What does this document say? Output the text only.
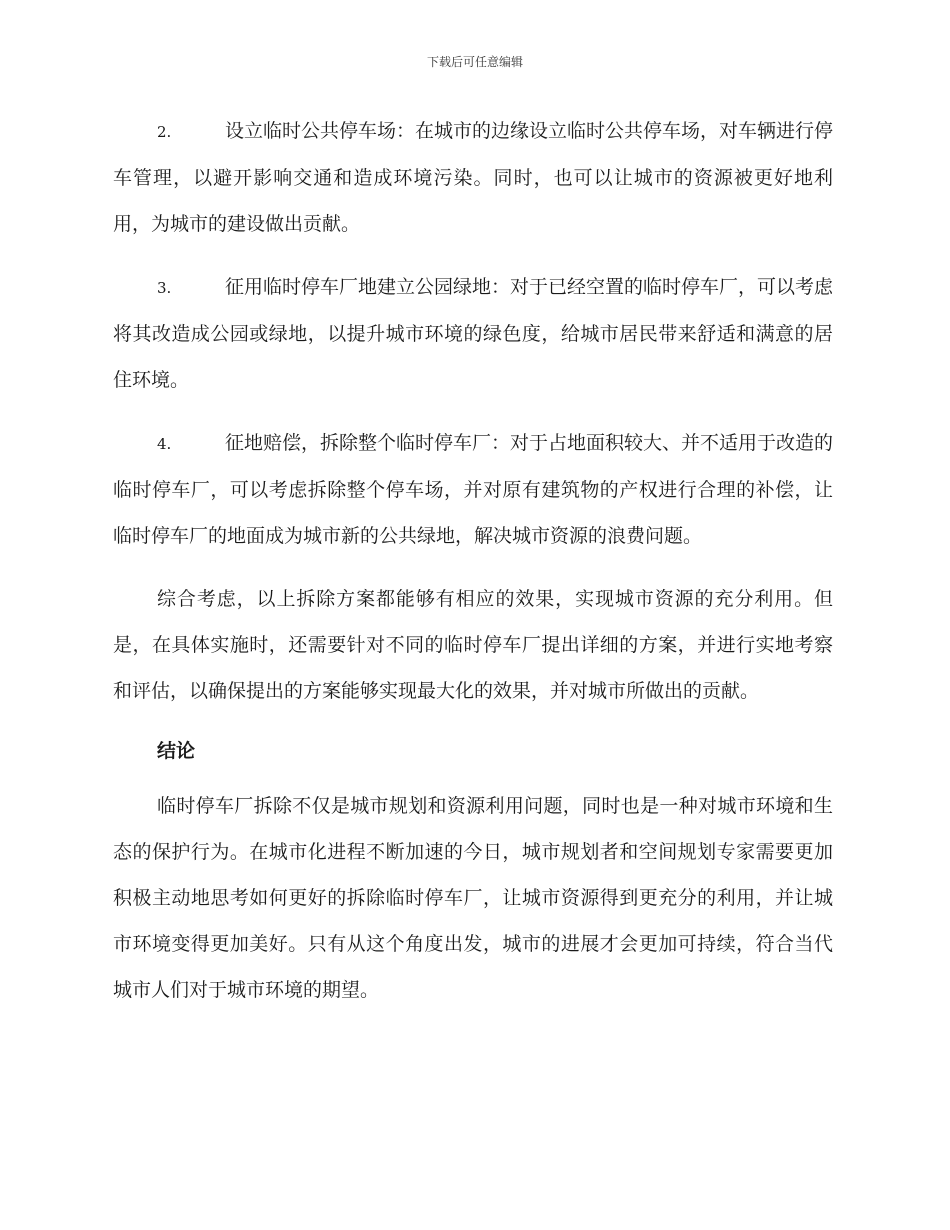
下载后可任意编辑

2.	设立临时公共停车场：在城市的边缘设立临时公共停车场，对车辆进行停车管理，以避开影响交通和造成环境污染。同时，也可以让城市的资源被更好地利用，为城市的建设做出贡献。

3.	征用临时停车厂地建立公园绿地：对于已经空置的临时停车厂，可以考虑将其改造成公园或绿地，以提升城市环境的绿色度，给城市居民带来舒适和满意的居住环境。

4.	征地赔偿，拆除整个临时停车厂：对于占地面积较大、并不适用于改造的临时停车厂，可以考虑拆除整个停车场，并对原有建筑物的产权进行合理的补偿，让临时停车厂的地面成为城市新的公共绿地，解决城市资源的浪费问题。

综合考虑，以上拆除方案都能够有相应的效果，实现城市资源的充分利用。但是，在具体实施时，还需要针对不同的临时停车厂提出详细的方案，并进行实地考察和评估，以确保提出的方案能够实现最大化的效果，并对城市所做出的贡献。

结论

临时停车厂拆除不仅是城市规划和资源利用问题，同时也是一种对城市环境和生态的保护行为。在城市化进程不断加速的今日，城市规划者和空间规划专家需要更加积极主动地思考如何更好的拆除临时停车厂，让城市资源得到更充分的利用，并让城市环境变得更加美好。只有从这个角度出发，城市的进展才会更加可持续，符合当代城市人们对于城市环境的期望。
